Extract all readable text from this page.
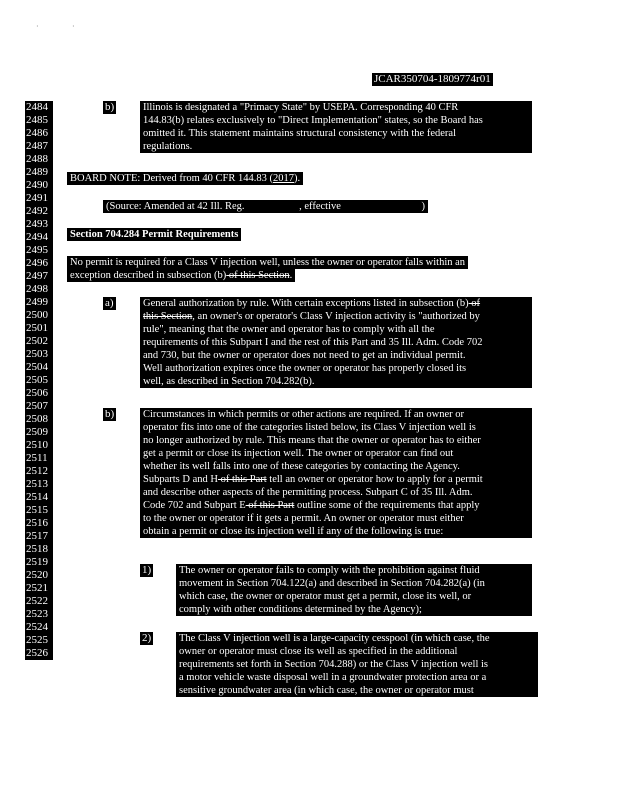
·	·
JCAR350704-1809774r01
2484
2485
2486
2487
2488
2489
2490
2491
2492
2493
2494
2495
2496
2497
2498
2499
2500
2501
2502
2503
2504
2505
2506
2507
2508
2509
2510
2511
2512
2513
2514
2515
2516
2517
2518
2519
2520
2521
2522
2523
2524
2525
2526
b)	Illinois is designated a "Primacy State" by USEPA. Corresponding 40 CFR
144.83(b) relates exclusively to "Direct Implementation" states, so the Board has
omitted it. This statement maintains structural consistency with the federal
regulations.
BOARD NOTE: Derived from 40 CFR 144.83 (2017).
(Source: Amended at 42 Ill. Reg.	, effective	)
Section 704.284 Permit Requirements
No permit is required for a Class V injection well, unless the owner or operator falls within an
exception described in subsection (b) of this Section.
a)	General authorization by rule. With certain exceptions listed in subsection (b) of
this Section, an owner's or operator's Class V injection activity is "authorized by
rule", meaning that the owner and operator has to comply with all the
requirements of this Subpart I and the rest of this Part and 35 Ill. Adm. Code 702
and 730, but the owner or operator does not need to get an individual permit.
Well authorization expires once the owner or operator has properly closed its
well, as described in Section 704.282(b).
b)	Circumstances in which permits or other actions are required. If an owner or
operator fits into one of the categories listed below, its Class V injection well is
no longer authorized by rule. This means that the owner or operator has to either
get a permit or close its injection well. The owner or operator can find out
whether its well falls into one of these categories by contacting the Agency.
Subparts D and H of this Part tell an owner or operator how to apply for a permit
and describe other aspects of the permitting process. Subpart C of 35 Ill. Adm.
Code 702 and Subpart E of this Part outline some of the requirements that apply
to the owner or operator if it gets a permit. An owner or operator must either
obtain a permit or close its injection well if any of the following is true:
1)	The owner or operator fails to comply with the prohibition against fluid
movement in Section 704.122(a) and described in Section 704.282(a) (in
which case, the owner or operator must get a permit, close its well, or
comply with other conditions determined by the Agency);
2)	The Class V injection well is a large-capacity cesspool (in which case, the
owner or operator must close its well as specified in the additional
requirements set forth in Section 704.288) or the Class V injection well is
a motor vehicle waste disposal well in a groundwater protection area or a
sensitive groundwater area (in which case, the owner or operator must
